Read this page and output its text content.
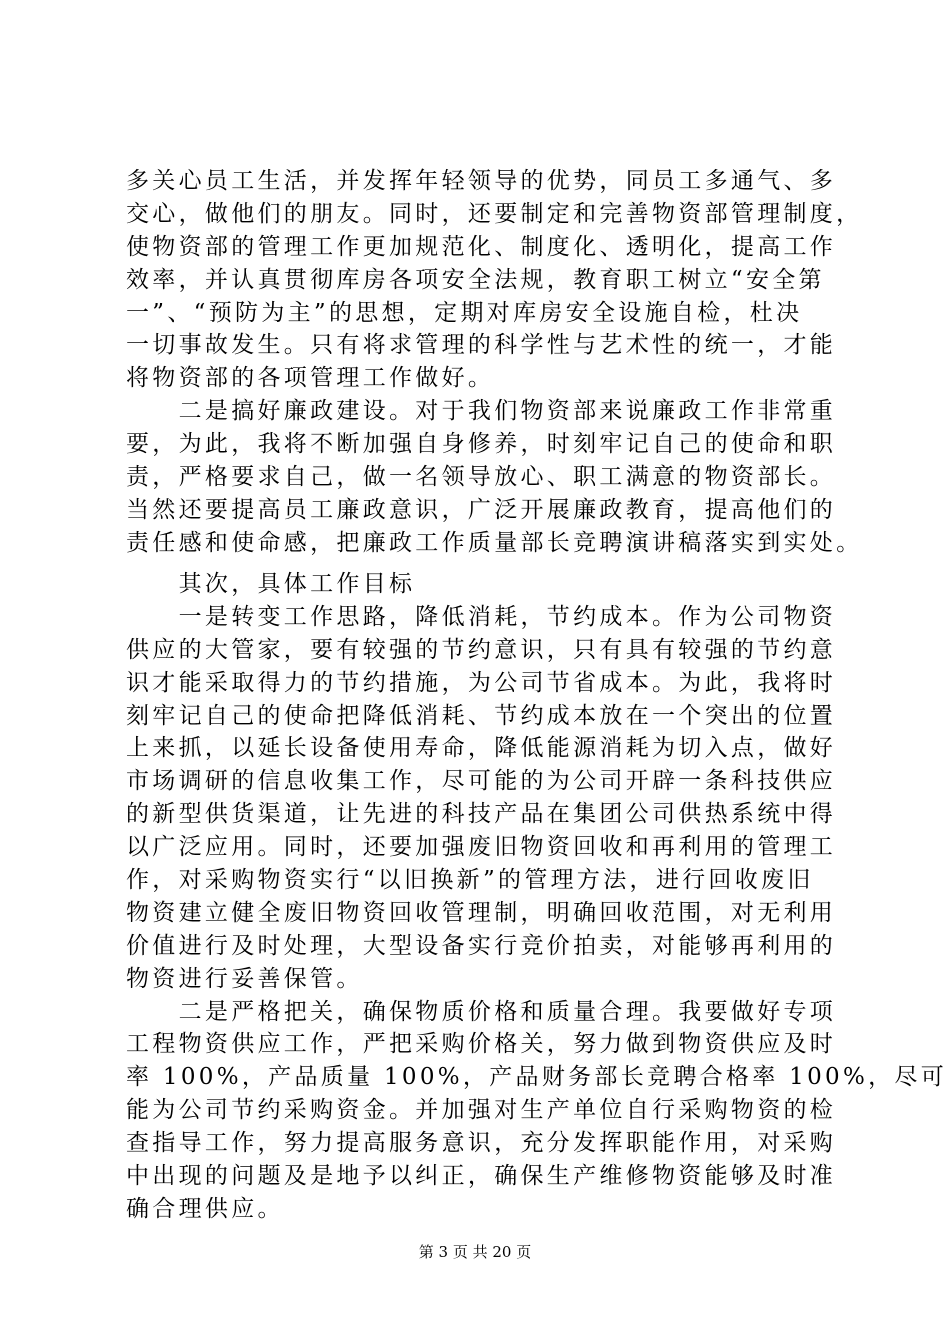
多关心员工生活，并发挥年轻领导的优势，同员工多通气、多
交心，做他们的朋友。同时，还要制定和完善物资部管理制度，
使物资部的管理工作更加规范化、制度化、透明化，提高工作
效率，并认真贯彻库房各项安全法规，教育职工树立“安全第
一”、“预防为主”的思想，定期对库房安全设施自检，杜决
一切事故发生。只有将求管理的科学性与艺术性的统一，才能
将物资部的各项管理工作做好。
　　二是搞好廉政建设。对于我们物资部来说廉政工作非常重
要，为此，我将不断加强自身修养，时刻牢记自己的使命和职
责，严格要求自己，做一名领导放心、职工满意的物资部长。
当然还要提高员工廉政意识，广泛开展廉政教育，提高他们的
责任感和使命感，把廉政工作质量部长竞聘演讲稿落实到实处。
　　其次，具体工作目标
　　一是转变工作思路，降低消耗，节约成本。作为公司物资
供应的大管家，要有较强的节约意识，只有具有较强的节约意
识才能采取得力的节约措施，为公司节省成本。为此，我将时
刻牢记自己的使命把降低消耗、节约成本放在一个突出的位置
上来抓，以延长设备使用寿命，降低能源消耗为切入点，做好
市场调研的信息收集工作，尽可能的为公司开辟一条科技供应
的新型供货渠道，让先进的科技产品在集团公司供热系统中得
以广泛应用。同时，还要加强废旧物资回收和再利用的管理工
作，对采购物资实行“以旧换新”的管理方法，进行回收废旧
物资建立健全废旧物资回收管理制，明确回收范围，对无利用
价值进行及时处理，大型设备实行竞价拍卖，对能够再利用的
物资进行妥善保管。
　　二是严格把关，确保物质价格和质量合理。我要做好专项
工程物资供应工作，严把采购价格关，努力做到物资供应及时
率 100%，产品质量 100%，产品财务部长竞聘合格率 100%，尽可
能为公司节约采购资金。并加强对生产单位自行采购物资的检
查指导工作，努力提高服务意识，充分发挥职能作用，对采购
中出现的问题及是地予以纠正，确保生产维修物资能够及时准
确合理供应。
第 3 页 共 20 页
